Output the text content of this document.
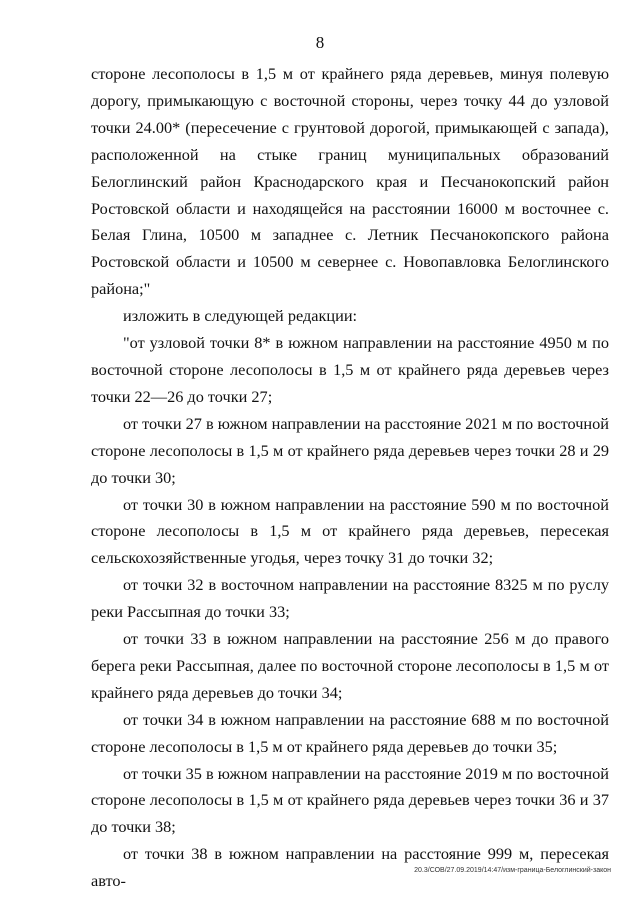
8

стороне лесополосы в 1,5 м от крайнего ряда деревьев, минуя полевую дорогу, примыкающую с восточной стороны, через точку 44 до узловой точки 24.00* (пересечение с грунтовой дорогой, примыкающей с запада), расположенной на стыке границ муниципальных образований Белоглинский район Краснодарского края и Песчанокопский район Ростовской области и находящейся на расстоянии 16000 м восточнее с. Белая Глина, 10500 м западнее с. Летник Песчанокопского района Ростовской области и 10500 м севернее с. Новопавловка Белоглинского района;"

изложить в следующей редакции:

"от узловой точки 8* в южном направлении на расстояние 4950 м по восточной стороне лесополосы в 1,5 м от крайнего ряда деревьев через точки 22—26 до точки 27;

от точки 27 в южном направлении на расстояние 2021 м по восточной стороне лесополосы в 1,5 м от крайнего ряда деревьев через точки 28 и 29 до точки 30;

от точки 30 в южном направлении на расстояние 590 м по восточной стороне лесополосы в 1,5 м от крайнего ряда деревьев, пересекая сельскохозяйственные угодья, через точку 31 до точки 32;

от точки 32 в восточном направлении на расстояние 8325 м по руслу реки Рассыпная до точки 33;

от точки 33 в южном направлении на расстояние 256 м до правого берега реки Рассыпная, далее по восточной стороне лесополосы в 1,5 м от крайнего ряда деревьев до точки 34;

от точки 34 в южном направлении на расстояние 688 м по восточной стороне лесополосы в 1,5 м от крайнего ряда деревьев до точки 35;

от точки 35 в южном направлении на расстояние 2019 м по восточной стороне лесополосы в 1,5 м от крайнего ряда деревьев через точки 36 и 37 до точки 38;

от точки 38 в южном направлении на расстояние 999 м, пересекая авто-

20.3/СОВ/27.09.2019/14:47/изм-граница-Белоглинский-закон
